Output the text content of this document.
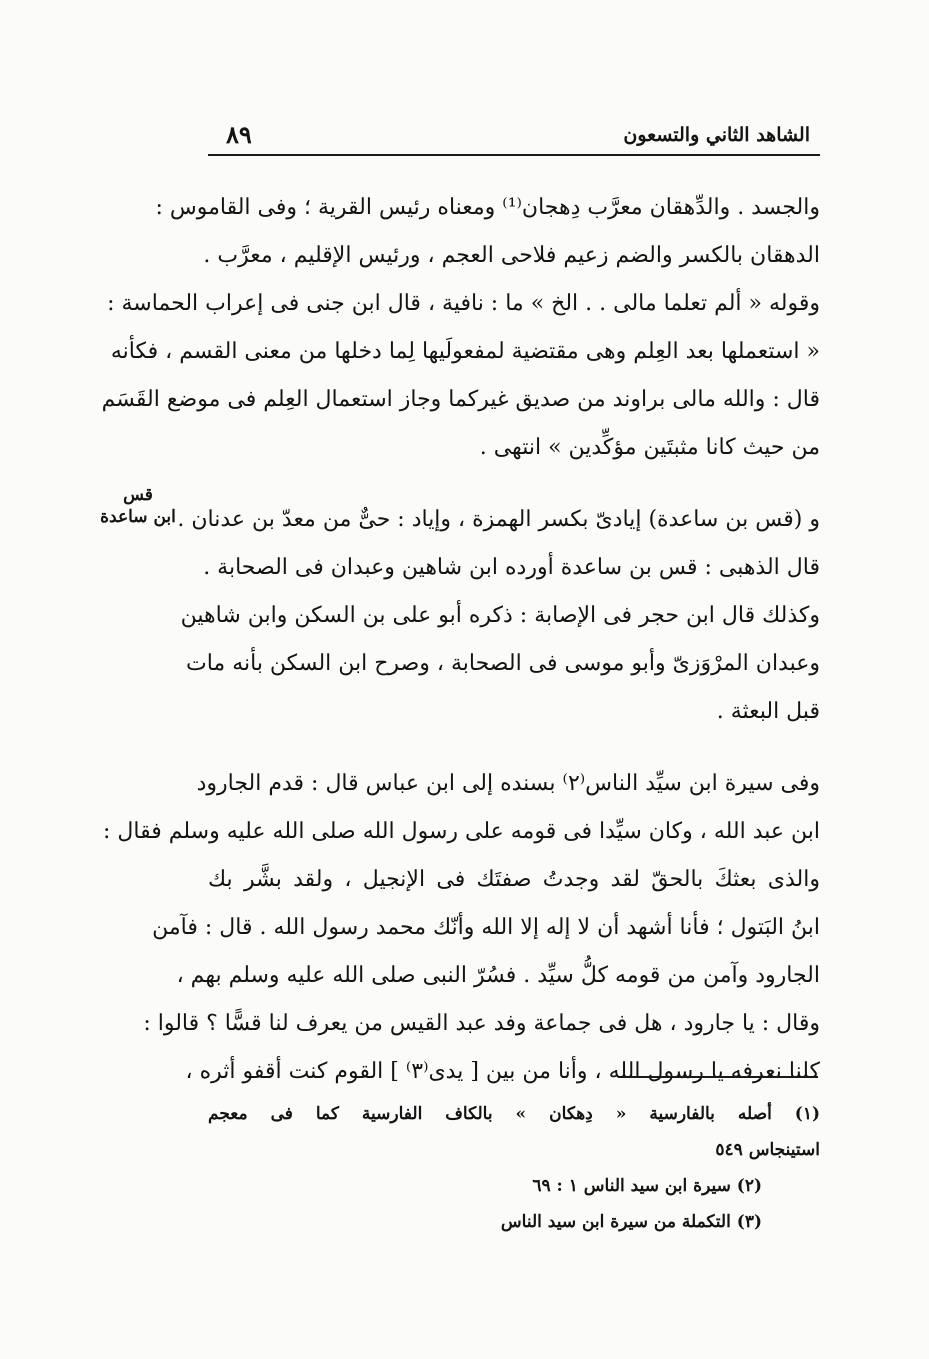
الشاهد الثاني والتسعون
٨٩
قس
ابن ساعدة
والجسد . والدِّهقان معرَّب دِهجان⁽¹⁾ ومعناه رئيس القرية ؛ وفى القاموس :
الدهقان بالكسر والضم زعيم فلاحى العجم ، ورئيس الإقليم ، معرَّب .
وقوله « ألم تعلما مالى . . الخ » ما : نافية ، قال ابن جنى فى إعراب الحماسة :
« استعملها بعد العِلم وهى مقتضية لمفعولَيها لِما دخلها من معنى القسم ، فكأنه
قال : والله مالى براوند من صديق غيركما وجاز استعمال العِلم فى موضع القَسَم
من حيث كانا مثبتَين مؤكِّدين » انتهى .
و (قس بن ساعدة) إيادىّ بكسر الهمزة ، وإياد : حىٌّ من معدّ بن عدنان .
قال الذهبى : قس بن ساعدة أورده ابن شاهين وعبدان فى الصحابة .
وكذلك قال ابن حجر فى الإصابة : ذكره أبو على بن السكن وابن شاهين
وعبدان المرْوَزىّ وأبو موسى فى الصحابة ، وصرح ابن السكن بأنه مات
قبل البعثة .
وفى سيرة ابن سيِّد الناس⁽٢⁾ بسنده إلى ابن عباس قال : قدم الجارود
ابن عبد الله ، وكان سيِّدا فى قومه على رسول الله صلى الله عليه وسلم فقال :
والذى بعثكَ بالحقّ لقد وجدتُ صفتَك فى الإنجيل ، ولقد بشَّر بك
ابنُ البَتول ؛ فأنا أشهد أن لا إله إلا الله وأنّك محمد رسول الله . قال : فآمن
الجارود وآمن من قومه كلُّ سيِّد . فسُرّ النبى صلى الله عليه وسلم بهم ،
وقال : يا جارود ، هل فى جماعة وفد عبد القيس من يعرف لنا قسًّا ؟ قالوا :
كلنا نعرفه يا رسول الله ، وأنا من بين [ يدى⁽٣⁾ ] القوم كنت أقفو أثره ،
(١) أصله بالفارسية « دِهكان » بالكاف الفارسية كما فى معجم
استينجاس ٥٤٩
(٢) سيرة ابن سيد الناس ١ : ٦٩
(٣) التكملة من سيرة ابن سيد الناس
